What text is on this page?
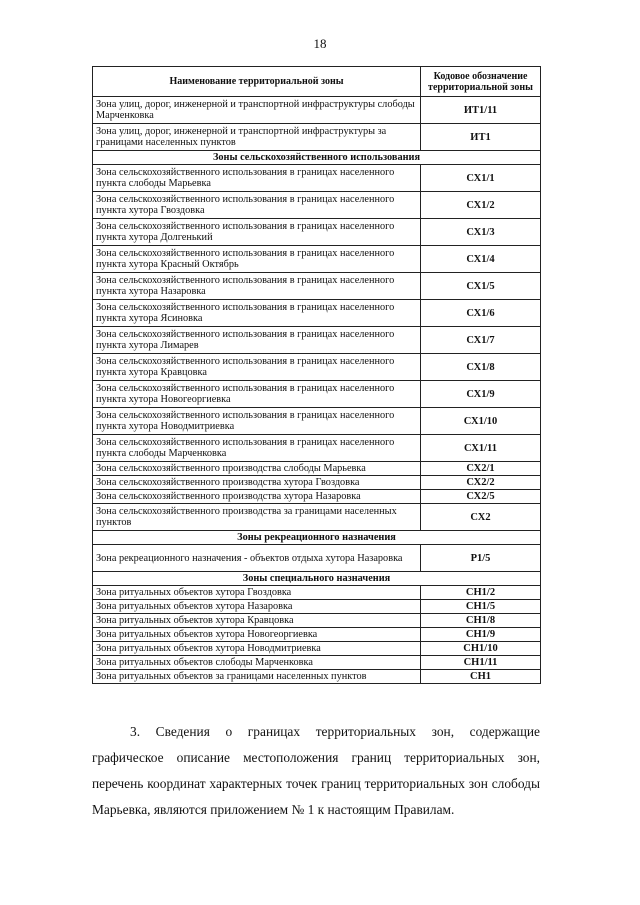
18
Наименование территориальной зоны	Кодовое обозначение территориальной зоны
Зона улиц, дорог, инженерной и транспортной инфраструктуры слободы Марченковка	ИТ1/11
Зона улиц, дорог, инженерной и транспортной инфраструктуры за границами населенных пунктов	ИТ1
Зоны сельскохозяйственного использования	
Зона сельскохозяйственного использования в границах населенного пункта слободы Марьевка	СХ1/1
Зона сельскохозяйственного использования в границах населенного пункта хутора Гвоздовка	СХ1/2
Зона сельскохозяйственного использования в границах населенного пункта хутора Долгенький	СХ1/3
Зона сельскохозяйственного использования в границах населенного пункта хутора Красный Октябрь	СХ1/4
Зона сельскохозяйственного использования в границах населенного пункта хутора Назаровка	СХ1/5
Зона сельскохозяйственного использования в границах населенного пункта хутора Ясиновка	СХ1/6
Зона сельскохозяйственного использования в границах населенного пункта хутора Лимарев	СХ1/7
Зона сельскохозяйственного использования в границах населенного пункта хутора Кравцовка	СХ1/8
Зона сельскохозяйственного использования в границах населенного пункта хутора Новогеоргиевка	СХ1/9
Зона сельскохозяйственного использования в границах населенного пункта хутора Новодмитриевка	СХ1/10
Зона сельскохозяйственного использования в границах населенного пункта слободы Марченковка	СХ1/11
Зона сельскохозяйственного производства слободы Марьевка	СХ2/1
Зона сельскохозяйственного производства хутора Гвоздовка	СХ2/2
Зона сельскохозяйственного производства хутора Назаровка	СХ2/5
Зона сельскохозяйственного производства за границами населенных пунктов	СХ2
Зоны рекреационного назначения	
Зона рекреационного назначения - объектов отдыха хутора Назаровка	Р1/5
Зоны специального назначения	
Зона ритуальных объектов хутора Гвоздовка	СН1/2
Зона ритуальных объектов хутора Назаровка	СН1/5
Зона ритуальных объектов хутора Кравцовка	СН1/8
Зона ритуальных объектов хутора Новогеоргиевка	СН1/9
Зона ритуальных объектов хутора Новодмитриевка	СН1/10
Зона ритуальных объектов слободы Марченковка	СН1/11
Зона ритуальных объектов за границами населенных пунктов	СН1

3. Сведения о границах территориальных зон, содержащие графическое описание местоположения границ территориальных зон, перечень координат характерных точек границ территориальных зон слободы Марьевка, являются приложением № 1 к настоящим Правилам.
